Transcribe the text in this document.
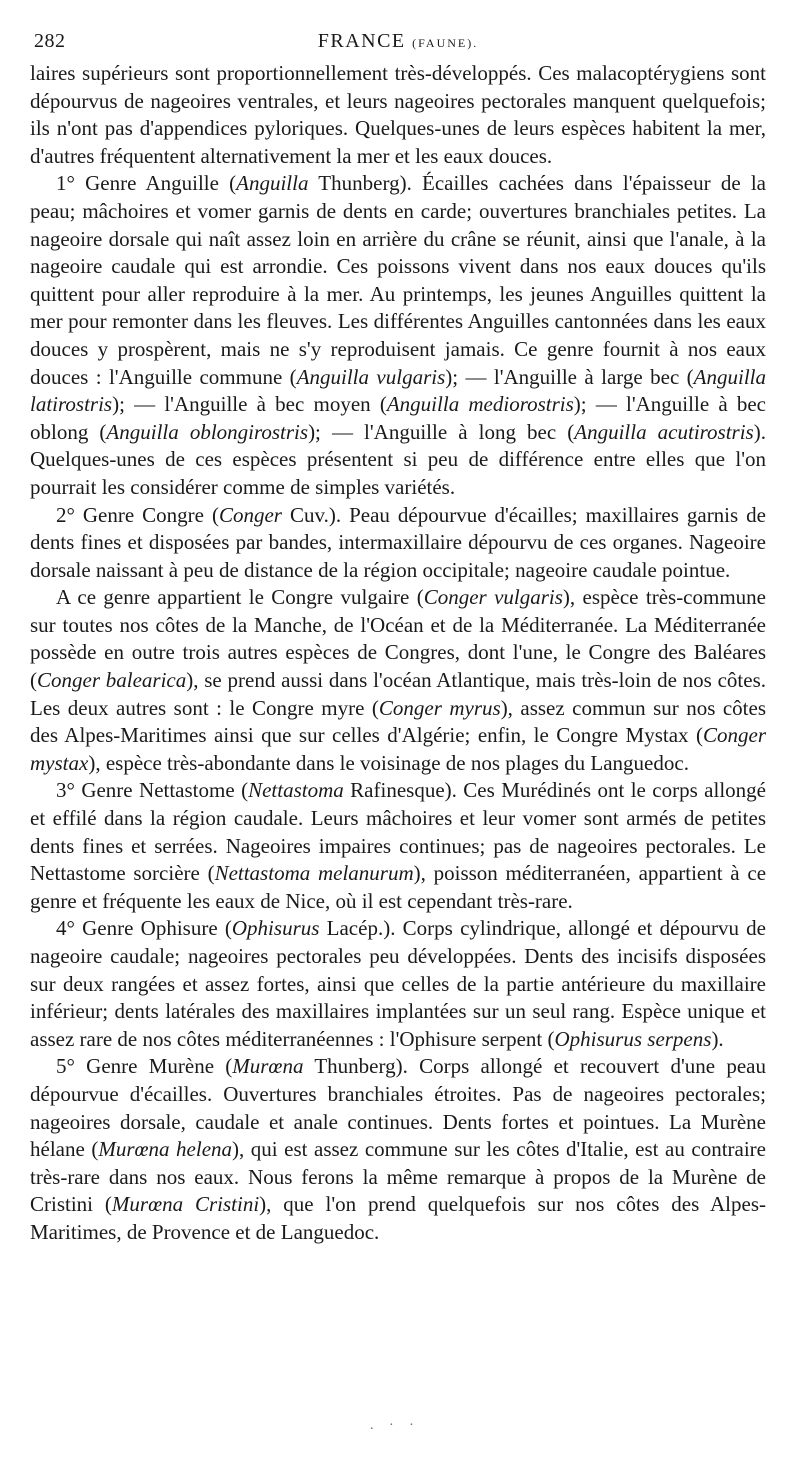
282	FRANCE (FAUNE).

laires supérieurs sont proportionnellement très-développés. Ces malacoptérygiens sont dépourvus de nageoires ventrales, et leurs nageoires pectorales manquent quelquefois; ils n'ont pas d'appendices pyloriques. Quelques-unes de leurs espèces habitent la mer, d'autres fréquentent alternativement la mer et les eaux douces.

1° Genre Anguille (Anguilla Thunberg). Écailles cachées dans l'épaisseur de la peau; mâchoires et vomer garnis de dents en carde; ouvertures branchiales petites. La nageoire dorsale qui naît assez loin en arrière du crâne se réunit, ainsi que l'anale, à la nageoire caudale qui est arrondie. Ces poissons vivent dans nos eaux douces qu'ils quittent pour aller reproduire à la mer. Au printemps, les jeunes Anguilles quittent la mer pour remonter dans les fleuves. Les différentes Anguilles cantonnées dans les eaux douces y prospèrent, mais ne s'y reproduisent jamais. Ce genre fournit à nos eaux douces : l'Anguille commune (Anguilla vulgaris); — l'Anguille à large bec (Anguilla latirostris); — l'Anguille à bec moyen (Anguilla mediorostris); — l'Anguille à bec oblong (Anguilla oblongirostris); — l'Anguille à long bec (Anguilla acutirostris). Quelques-unes de ces espèces présentent si peu de différence entre elles que l'on pourrait les considérer comme de simples variétés.

2° Genre Congre (Conger Cuv.). Peau dépourvue d'écailles; maxillaires garnis de dents fines et disposées par bandes, intermaxillaire dépourvu de ces organes. Nageoire dorsale naissant à peu de distance de la région occipitale; nageoire caudale pointue.

A ce genre appartient le Congre vulgaire (Conger vulgaris), espèce très-commune sur toutes nos côtes de la Manche, de l'Océan et de la Méditerranée. La Méditerranée possède en outre trois autres espèces de Congres, dont l'une, le Congre des Baléares (Conger balearica), se prend aussi dans l'océan Atlantique, mais très-loin de nos côtes. Les deux autres sont : le Congre myre (Conger myrus), assez commun sur nos côtes des Alpes-Maritimes ainsi que sur celles d'Algérie; enfin, le Congre Mystax (Conger mystax), espèce très-abondante dans le voisinage de nos plages du Languedoc.

3° Genre Nettastome (Nettastoma Rafinesque). Ces Murédinés ont le corps allongé et effilé dans la région caudale. Leurs mâchoires et leur vomer sont armés de petites dents fines et serrées. Nageoires impaires continues; pas de nageoires pectorales. Le Nettastome sorcière (Nettastoma melanurum), poisson méditerranéen, appartient à ce genre et fréquente les eaux de Nice, où il est cependant très-rare.

4° Genre Ophisure (Ophisurus Lacép.). Corps cylindrique, allongé et dépourvu de nageoire caudale; nageoires pectorales peu développées. Dents des incisifs disposées sur deux rangées et assez fortes, ainsi que celles de la partie antérieure du maxillaire inférieur; dents latérales des maxillaires implantées sur un seul rang. Espèce unique et assez rare de nos côtes méditerranéennes : l'Ophisure serpent (Ophisurus serpens).

5° Genre Murène (Murœna Thunberg). Corps allongé et recouvert d'une peau dépourvue d'écailles. Ouvertures branchiales étroites. Pas de nageoires pectorales; nageoires dorsale, caudale et anale continues. Dents fortes et pointues. La Murène hélane (Murœna helena), qui est assez commune sur les côtes d'Italie, est au contraire très-rare dans nos eaux. Nous ferons la même remarque à propos de la Murène de Cristini (Murœna Cristini), que l'on prend quelquefois sur nos côtes des Alpes-Maritimes, de Provence et de Languedoc.

. · ·
